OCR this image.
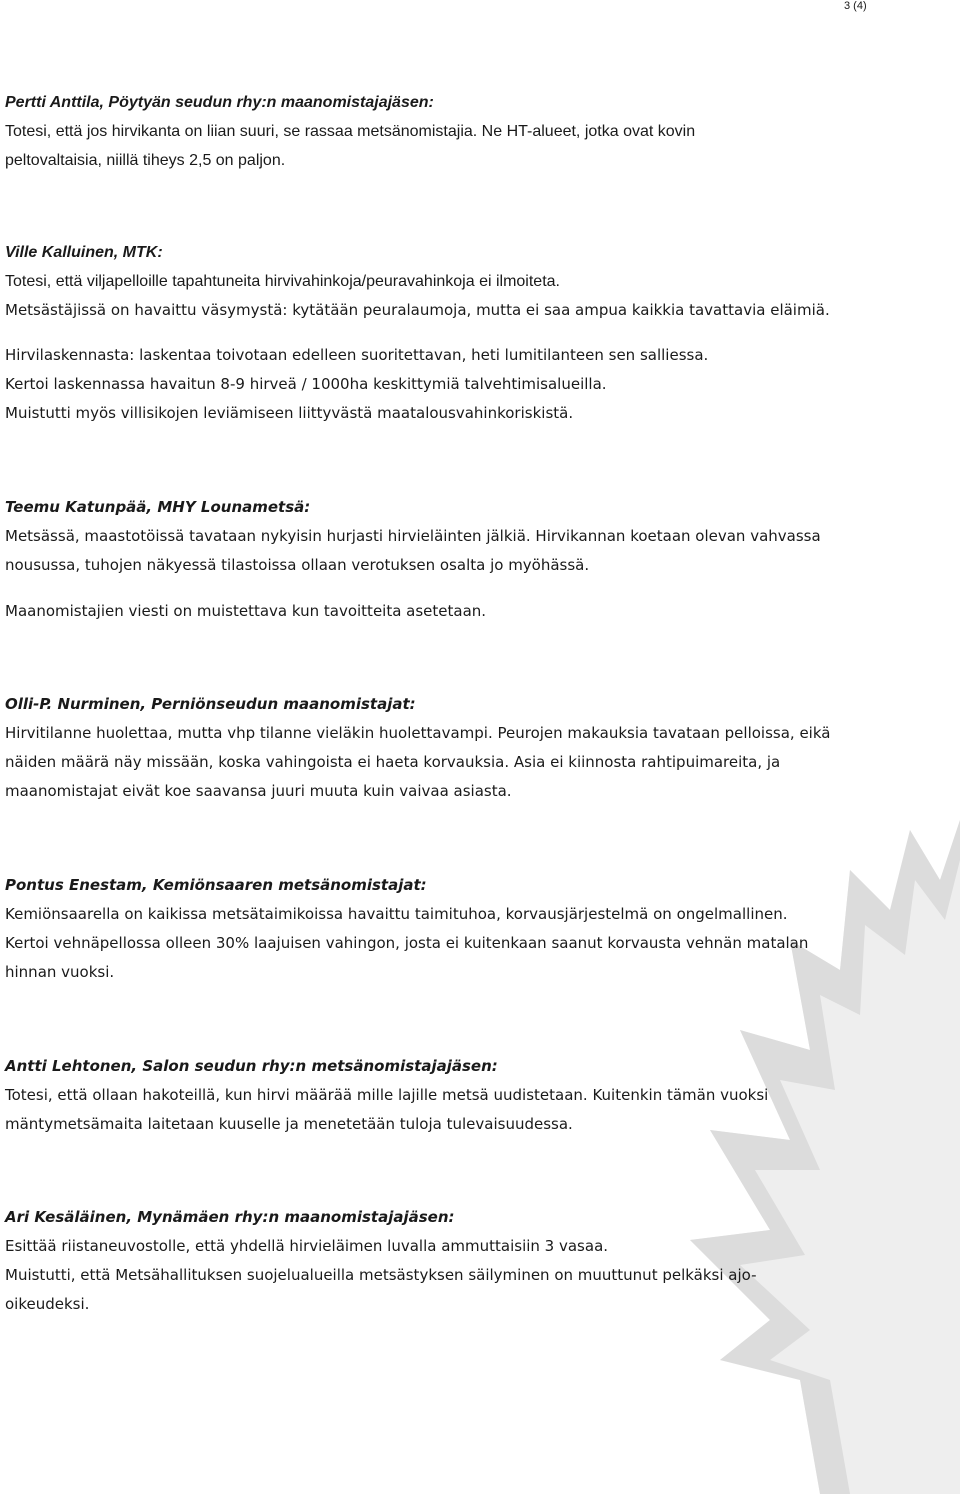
3 (4)
Pertti Anttila, Pöytyän seudun rhy:n maanomistajajäsen:
Totesi, että jos hirvikanta on liian suuri, se rassaa metsänomistajia. Ne HT-alueet, jotka ovat kovin
peltovaltaisia, niillä tiheys 2,5 on paljon.
Ville Kalluinen, MTK:
Totesi, että viljapelloille tapahtuneita hirvivahinkoja/peuravahinkoja ei ilmoiteta.
Metsästäjissä on havaittu väsymystä: kytätään peuralaumoja, mutta ei saa ampua kaikkia tavattavia eläimiä.
Hirvilaskennasta: laskentaa toivotaan edelleen suoritettavan, heti lumitilanteen sen salliessa.
Kertoi laskennassa havaitun 8-9 hirveä / 1000ha keskittymiä talvehtimisalueilla.
Muistutti myös villisikojen leviämiseen liittyvästä maatalousvahinkoriskistä.
Teemu Katunpää, MHY Lounametsä:
Metsässä, maastotöissä tavataan nykyisin hurjasti hirvieläinten jälkiä. Hirvikannan koetaan olevan vahvassa
nousussa, tuhojen näkyessä tilastoissa ollaan verotuksen osalta jo myöhässä.
Maanomistajien viesti on muistettava kun tavoitteita asetetaan.
Olli-P. Nurminen, Perniönseudun maanomistajat:
Hirvitilanne huolettaa, mutta vhp tilanne vieläkin huolettavampi. Peurojen makauksia tavataan pelloissa, eikä
näiden määrä näy missään, koska vahingoista ei haeta korvauksia. Asia ei kiinnosta rahtipuimareita, ja
maanomistajat eivät koe saavansa juuri muuta kuin vaivaa asiasta.
Pontus Enestam, Kemiönsaaren metsänomistajat:
Kemiönsaarella on kaikissa metsätaimikoissa havaittu taimituhoa, korvausjärjestelmä on ongelmallinen.
Kertoi vehnäpellossa olleen 30% laajuisen vahingon, josta ei kuitenkaan saanut korvausta vehnän matalan
hinnan vuoksi.
Antti Lehtonen, Salon seudun rhy:n metsänomistajajäsen:
Totesi, että ollaan hakoteillä, kun hirvi määrää mille lajille metsä uudistetaan. Kuitenkin tämän vuoksi
mäntymetsämaita laitetaan kuuselle ja menetetään tuloja tulevaisuudessa.
Ari Kesäläinen, Mynämäen rhy:n maanomistajajäsen:
Esittää riistaneuvostolle, että yhdellä hirvieläimen luvalla ammuttaisiin 3 vasaa.
Muistutti, että Metsähallituksen suojelualueilla metsästyksen säilyminen on muuttunut pelkäksi ajo-
oikeudeksi.
